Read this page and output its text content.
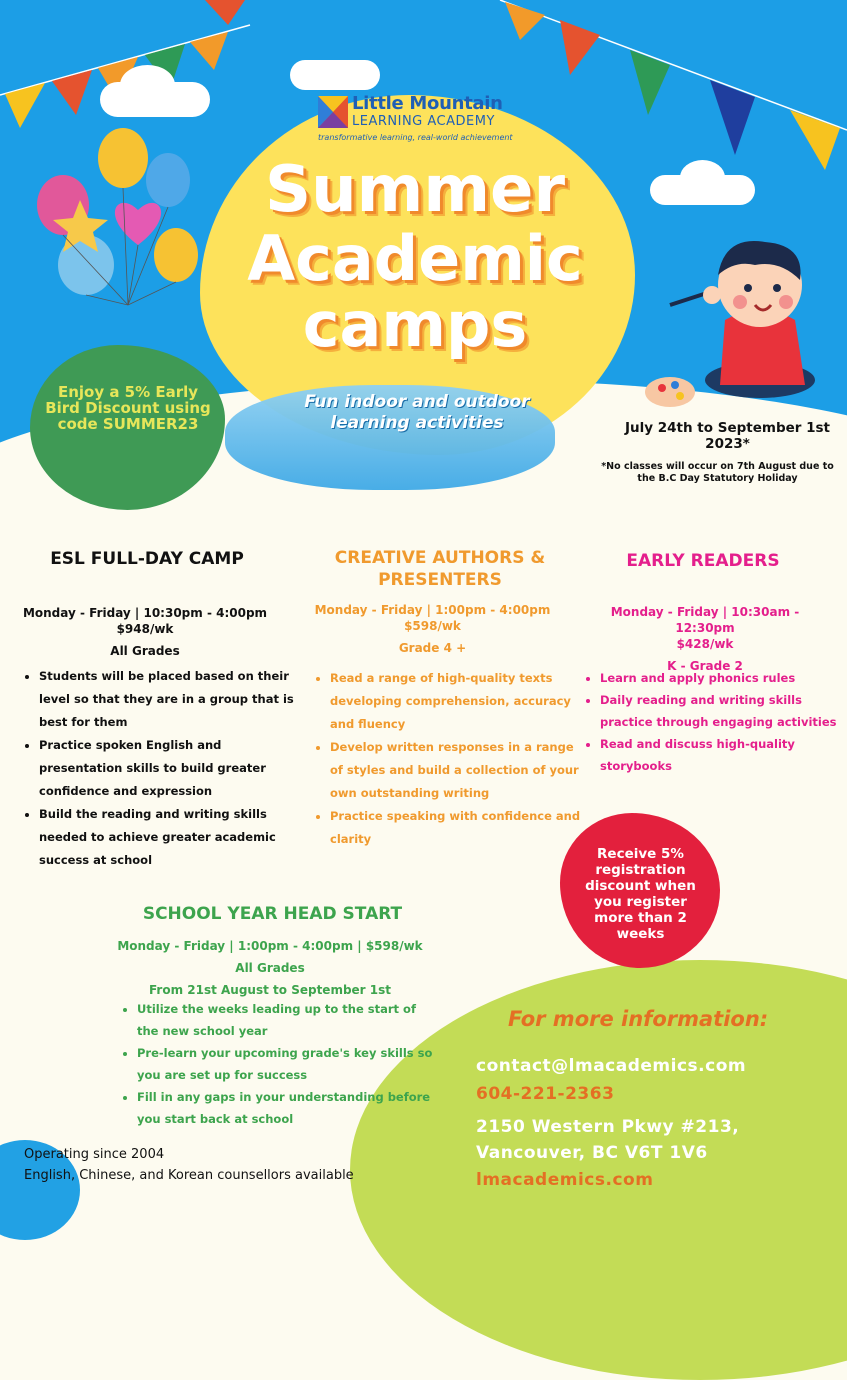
Little Mountain
LEARNING ACADEMY
transformative learning, real-world achievement
Summer
Academic
camps
Fun indoor and outdoor learning activities
Enjoy a 5% Early Bird Discount using code SUMMER23	July 24th to September 1st 2023*
*No classes will occur on 7th August due to the B.C Day Statutory Holiday
ESL FULL-DAY CAMP
Monday - Friday | 10:30pm - 4:00pm
$948/wk
All Grades
• Students will be placed based on their level so that they are in a group that is best for them
• Practice spoken English and presentation skills to build greater confidence and expression
• Build the reading and writing skills needed to achieve greater academic success at school
CREATIVE AUTHORS & PRESENTERS
Monday - Friday | 1:00pm - 4:00pm
$598/wk
Grade 4 +
• Read a range of high-quality texts developing comprehension, accuracy and fluency
• Develop written responses in a range of styles and build a collection of your own outstanding writing
• Practice speaking with confidence and clarity
EARLY READERS
Monday - Friday | 10:30am - 12:30pm
$428/wk
K - Grade 2
• Learn and apply phonics rules
• Daily reading and writing skills practice through engaging activities
• Read and discuss high-quality storybooks
Receive 5% registration discount when you register more than 2 weeks
SCHOOL YEAR HEAD START
Monday - Friday | 1:00pm - 4:00pm | $598/wk
All Grades
From 21st August to September 1st
• Utilize the weeks leading up to the start of the new school year
• Pre-learn your upcoming grade's key skills so you are set up for success
• Fill in any gaps in your understanding before you start back at school
For more information:
contact@lmacademics.com
604-221-2363
2150 Western Pkwy #213,
Vancouver, BC V6T 1V6
lmacademics.com
Operating since 2004
English, Chinese, and Korean counsellors available
